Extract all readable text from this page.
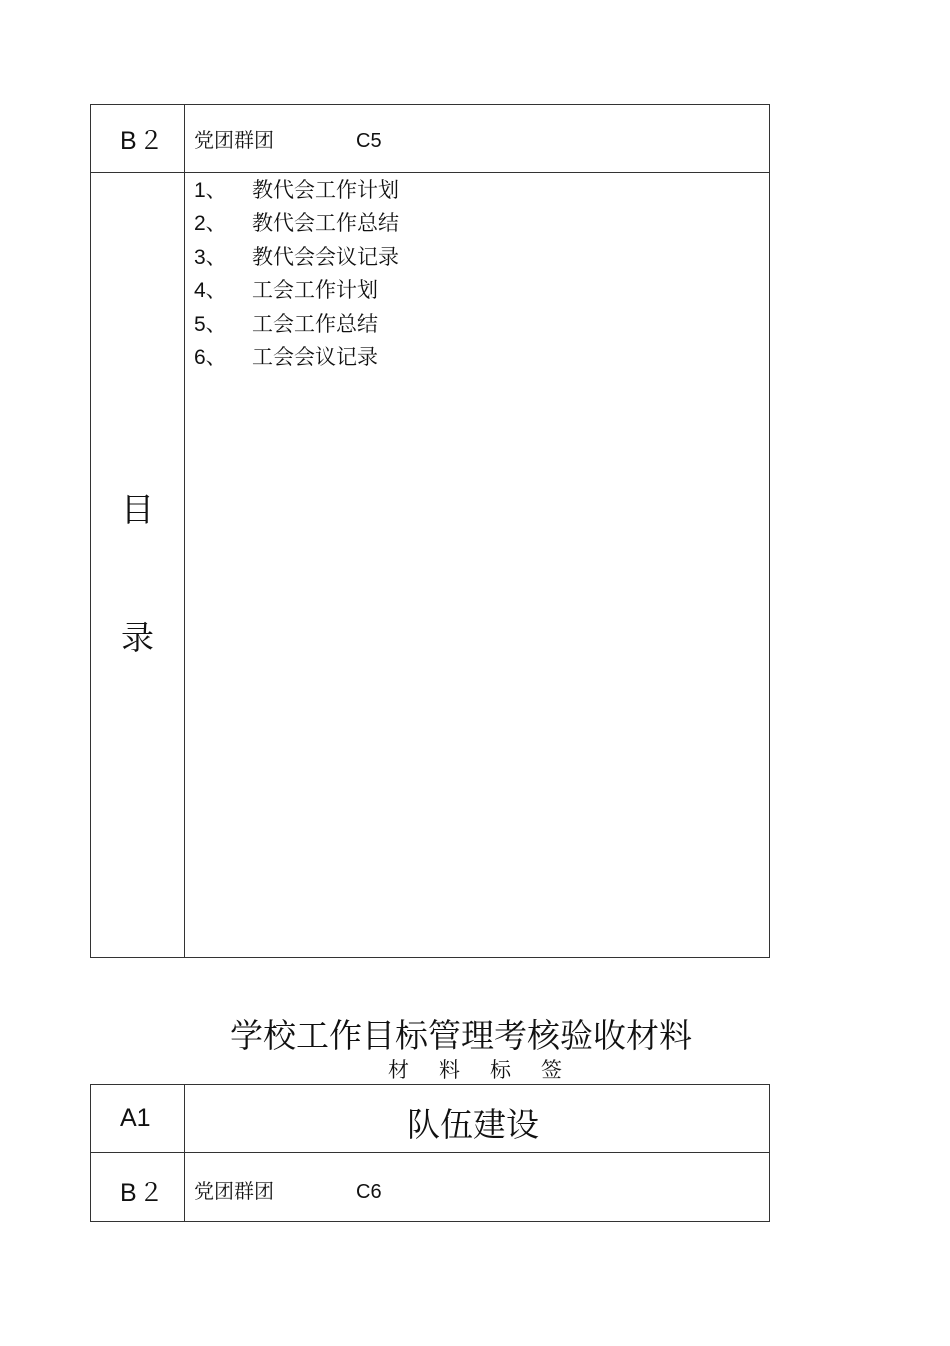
B２ 党团群团	C5
目
录
1、 教代会工作计划
2、 教代会工作总结
3、 教代会会议记录
4、 工会工作计划
5、 工会工作总结
6、 工会会议记录
学校工作目标管理考核验收材料
材 料 标 签
A1	队伍建设
B２ 党团群团	C6
